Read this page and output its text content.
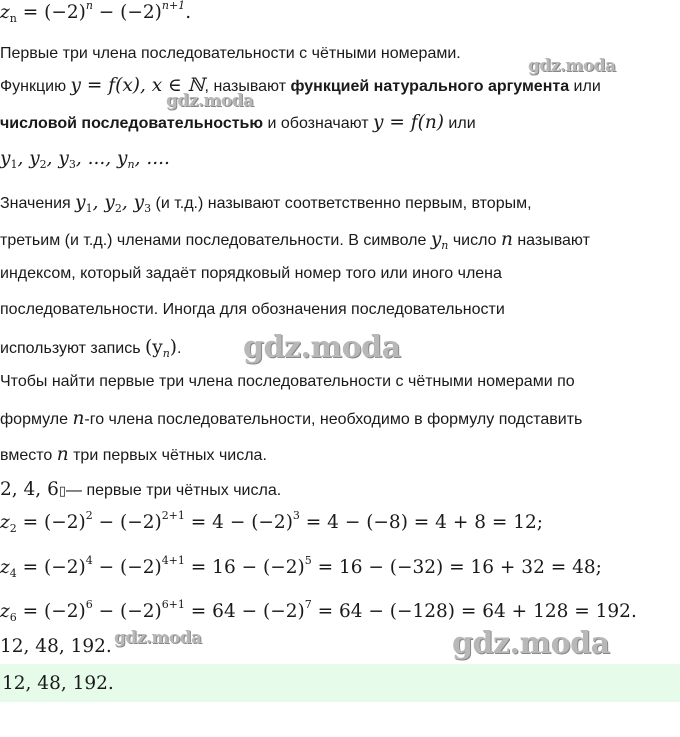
$z_n = (-2)^n - (-2)^{n+1}$.
Первые три члена последовательности с чётными номерами.
Функцию y = f(x), x ∈ ℕ, называют функцией натурального аргумента или
числовой последовательностью и обозначают y = f(n) или
$y_1$, $y_2$, $y_3$, ..., $y_n$, ....
Значения $y_1$, $y_2$, $y_3$ (и т.д.) называют соответственно первым, вторым,
третьим (и т.д.) членами последовательности. В символе $y_n$ число n называют
индексом, который задаёт порядковый номер того или иного члена
последовательности. Иногда для обозначения последовательности
используют запись $(y_n)$.
Чтобы найти первые три члена последовательности с чётными номерами по
формуле n-го члена последовательности, необходимо в формулу подставить
вместо n три первых чётных числа.
2, 4, 6▯— первые три чётных числа.
$z_2 = (-2)^2 - (-2)^{2+1} = 4 - (-2)^3 = 4 - (-8) = 4 + 8 = 12$;
$z_4 = (-2)^4 - (-2)^{4+1} = 16 - (-2)^5 = 16 - (-32) = 16 + 32 = 48$;
$z_6 = (-2)^6 - (-2)^{6+1} = 64 - (-2)^7 = 64 - (-128) = 64 + 128 = 192$.
12, 48, 192.
12, 48, 192.
gdz.moda
gdz.moda
gdz.moda
gdz.moda	gdz.moda
